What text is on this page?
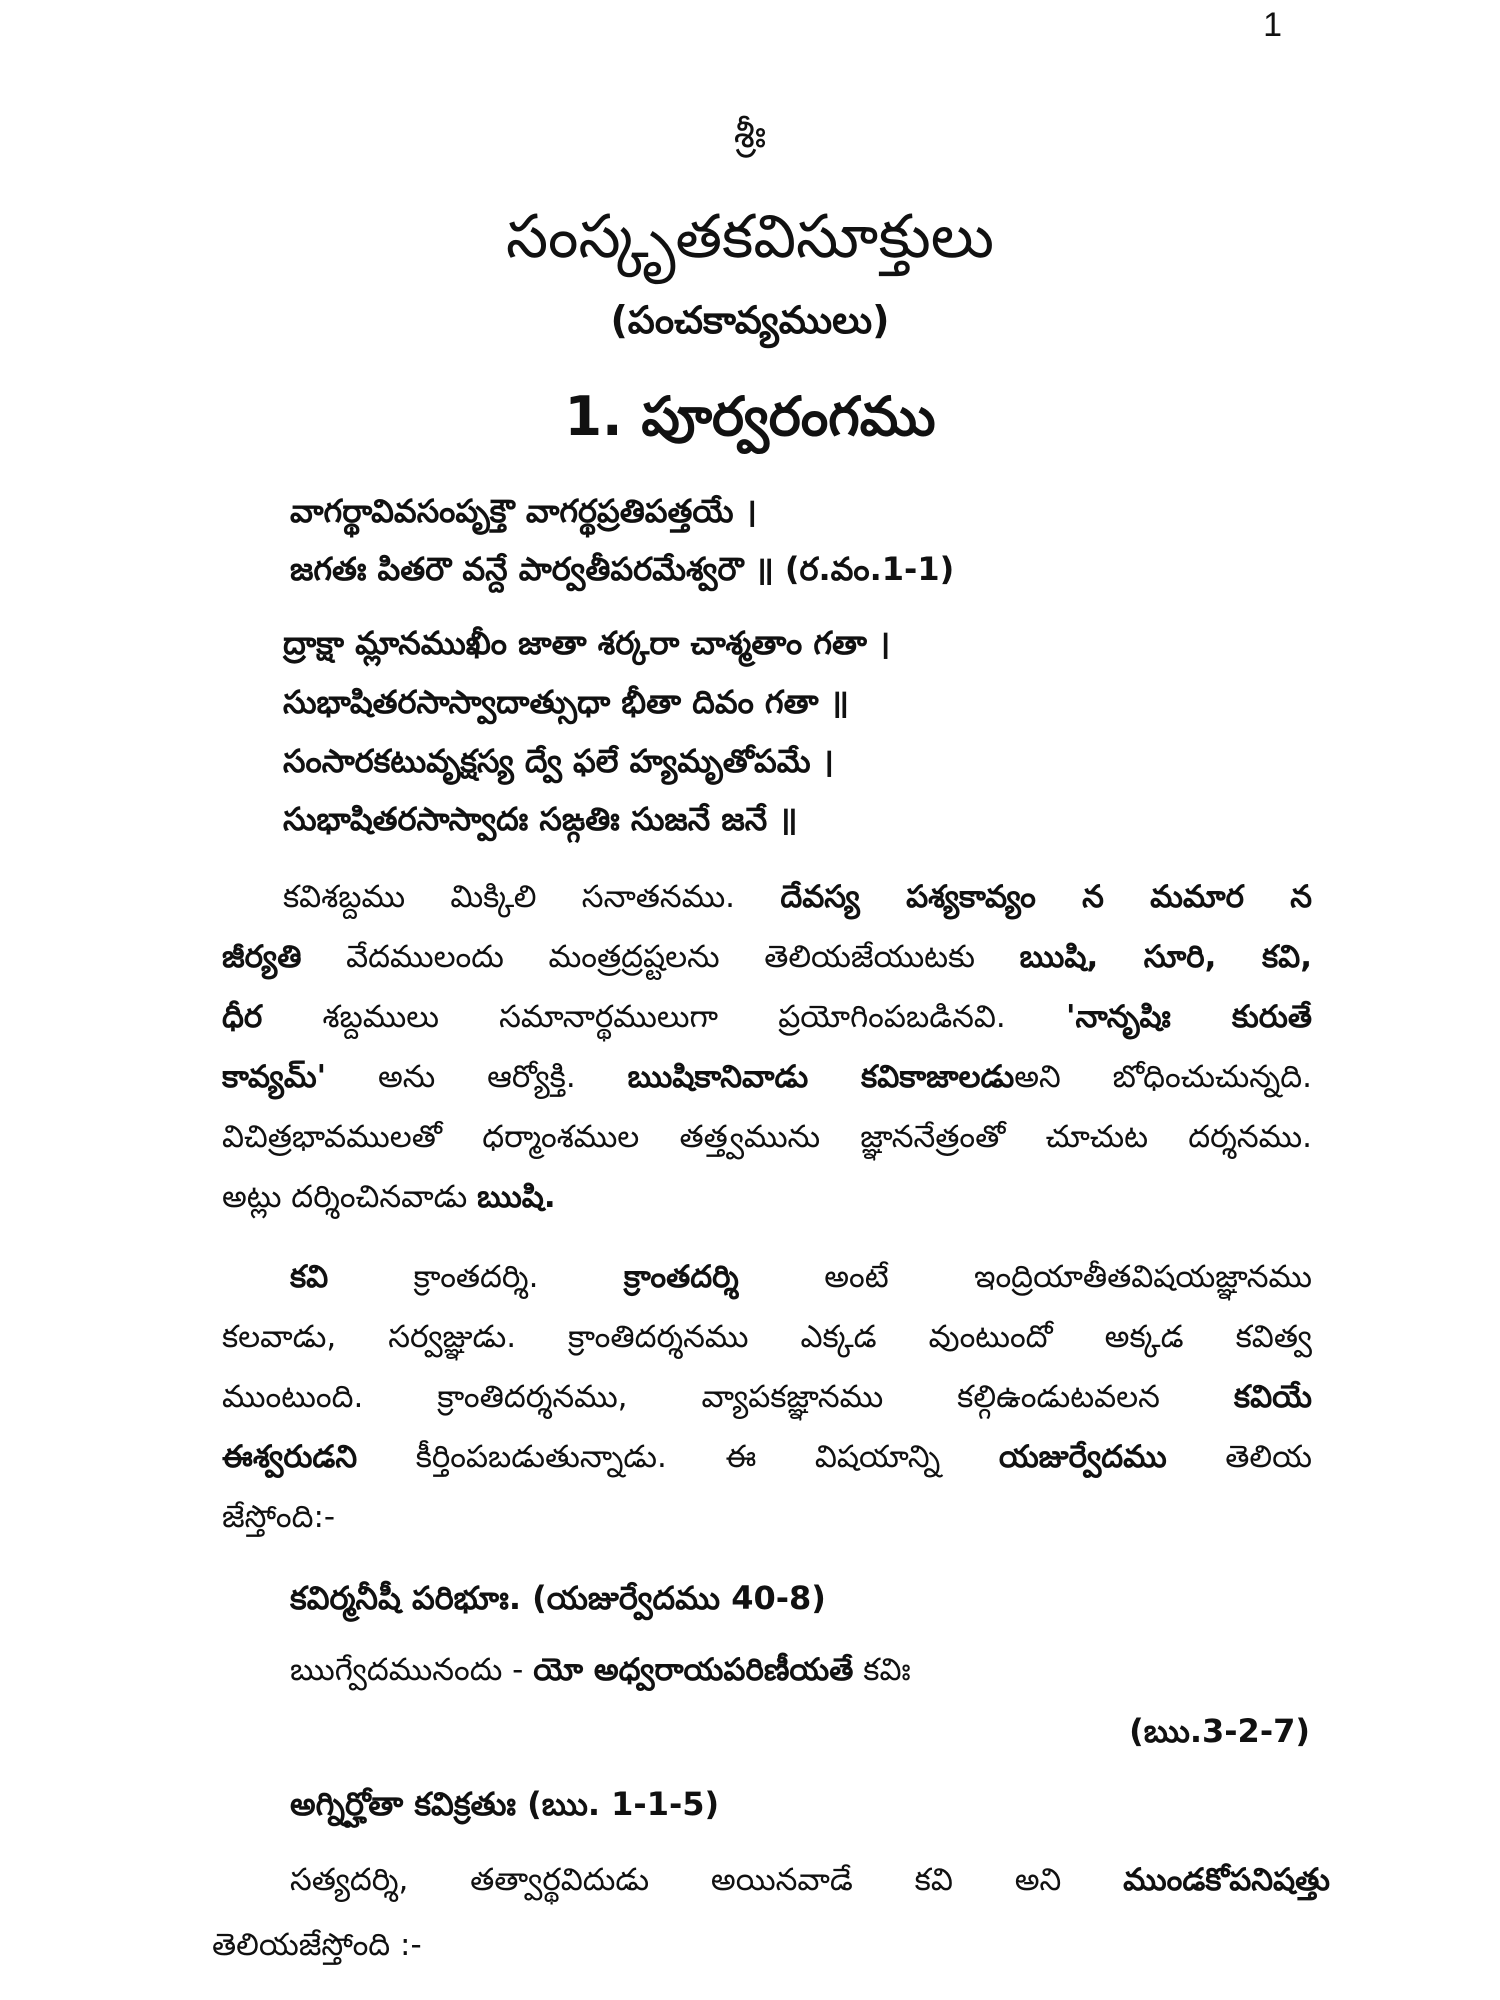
1
శ్రీః
సంస్కృతకవిసూక్తులు
(పంచకావ్యములు)
1. పూర్వరంగము
వాగర్థావివసంపృక్తౌ వాగర్థప్రతిపత్తయే ।
జగతః పితరౌ వన్దే పార్వతీపరమేశ్వరౌ ॥ (ర.వం.1-1)
ద్రాక్షా మ్లానముఖీం జాతా శర్కరా చాశ్మతాం గతా ।
సుభాషితరసాస్వాదాత్సుధా భీతా దివం గతా ॥
సంసారకటువృక్షస్య ద్వే ఫలే హ్యమృతోపమే ।
సుభాషితరసాస్వాదః సఙ్గతిః సుజనే జనే ॥
కవిశబ్దము మిక్కిలి సనాతనము. దేవస్య పశ్యకావ్యం న మమార న
జీర్యతి వేదములందు మంత్రద్రష్టలను తెలియజేయుటకు ఋషి, సూరి, కవి,
ధీర శబ్దములు సమానార్థములుగా ప్రయోగింపబడినవి. 'నానృషిః కురుతే
కావ్యమ్' అను ఆర్యోక్తి. ఋషికానివాడు కవికాజాలడుఅని బోధించుచున్నది.
విచిత్రభావములతో ధర్మాంశముల తత్త్వమును జ్ఞాననేత్రంతో చూచుట దర్శనము.
అట్లు దర్శించినవాడు ఋషి.
కవి క్రాంతదర్శి. క్రాంతదర్శి అంటే ఇంద్రియాతీతవిషయజ్ఞానము
కలవాడు, సర్వజ్ఞుడు. క్రాంతిదర్శనము ఎక్కడ వుంటుందో అక్కడ కవిత్వ
ముంటుంది. క్రాంతిదర్శనము, వ్యాపకజ్ఞానము కల్గిఉండుటవలన కవియే
ఈశ్వరుడని కీర్తింపబడుతున్నాడు. ఈ విషయాన్ని యజుర్వేదము తెలియ
జేస్తోంది:-
కవిర్మనీషీ పరిభూః. (యజుర్వేదము 40-8)
ఋగ్వేదమునందు - యో అధ్వరాయపరిణీయతే కవిః
(ఋ.3-2-7)
అగ్నిర్హోతా కవిక్రతుః (ఋ. 1-1-5)
సత్యదర్శి, తత్వార్థవిదుడు అయినవాడే కవి అని ముండకోపనిషత్తు
తెలియజేస్తోంది :-
